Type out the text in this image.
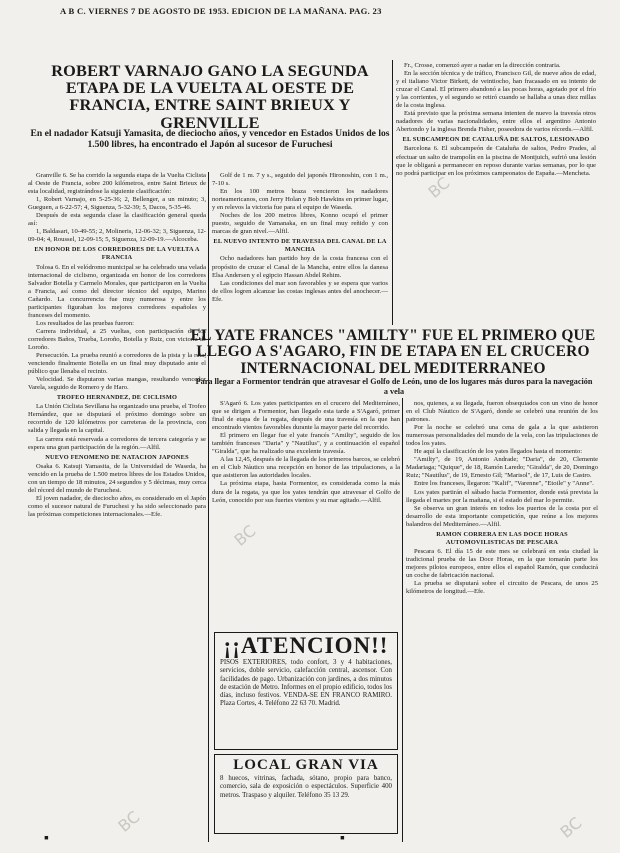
A B C. VIERNES 7 DE AGOSTO DE 1953. EDICION DE LA MAÑANA. PAG. 23
ROBERT VARNAJO GANO LA SEGUNDA ETAPA DE LA VUELTA AL OESTE DE FRANCIA, ENTRE SAINT BRIEUX Y GRENVILLE
En el nadador Katsuji Yamasita, de dieciocho años, y vencedor en Estados Unidos de los 1.500 libres, ha encontrado el Japón al sucesor de Furuchesi

Granville 6. Se ha corrido la segunda etapa de la Vuelta Ciclista al Oeste de Francia, sobre 200 kilómetros, entre Saint Brieux de esta localidad, registrándose la siguiente clasificación:

1, Robert Varnajo, en 5-25-36; 2, Bellenger, a un minuto; 3, Gueguen, a 6-22-57; 4, Siguenza, 5-32-39; 5, Dacos, 5-35-46.

Después de esta segunda clase la clasificación general queda así:

1, Baldasari, 10-49-55; 2, Molineris, 12-06-32; 3, Siguenza, 12-09-04; 4, Roussel, 12-09-15; 5, Siguenza, 12-09-19.—Alcoceba.

EN HONOR DE LOS CORREDORES DE LA VUELTA A FRANCIA

Tolosa 6. En el velódromo municipal se ha celebrado una velada internacional de ciclismo, organizada en honor de los corredores Salvador Botella y Carmelo Morales, que participaron en la Vuelta a Francia, así como del director técnico del equipo, Marino Cañardo. La concurrencia fue muy numerosa y entre los participantes figuraban los mejores corredores españoles y franceses del momento.

Los resultados de las pruebas fueron:

Carrera individual, a 25 vueltas, con participación de los corredores Baños, Trueba, Loroño, Botella y Ruiz, con victoria de Loroño.

Persecución. La prueba reunió a corredores de la pista y la ruta, venciendo finalmente Botella en un final muy disputado ante el público que llenaba el recinto.

Velocidad. Se disputaron varias mangas, resultando vencedor Varela, seguido de Romero y de Haro.

TROFEO HERNANDEZ, DE CICLISMO

La Unión Ciclista Sevillana ha organizado una prueba, el Trofeo Hernández, que se disputará el próximo domingo sobre un recorrido de 120 kilómetros por carreteras de la provincia, con salida y llegada en la capital.

La carrera está reservada a corredores de tercera categoría y se espera una gran participación de la región.—Alfil.

NUEVO FENOMENO DE NATACION JAPONES

Osaka 6. Katsuji Yamasita, de la Universidad de Waseda, ha vencido en la prueba de 1.500 metros libres de los Estados Unidos, con un tiempo de 18 minutos, 24 segundos y 5 décimas, muy cerca del récord del mundo de Furuchesi.

El joven nadador, de dieciocho años, es considerado en el Japón como el sucesor natural de Furuchesi y ha sido seleccionado para las próximas competiciones internacionales.—Efe.

Golf de 1 m. 7 y s., seguido del japonés Hironoshin, con 1 m., 7-10 s.

En los 100 metros braza vencieron los nadadores norteamericanos, con Jerry Holan y Bob Hawkins en primer lugar, y en relevos la victoria fue para el equipo de Waseda.

Noches de los 200 metros libres, Konno ocupó el primer puesto, seguido de Yamanaka, en un final muy reñido y con marcas de gran nivel.—Alfil.

EL NUEVO INTENTO DE TRAVESIA DEL CANAL DE LA MANCHA

Ocho nadadores han partido hoy de la costa francesa con el propósito de cruzar el Canal de la Mancha, entre ellos la danesa Elsa Andersen y el egipcio Hassan Abdel Rehim.

Las condiciones del mar son favorables y se espera que varios de ellos logren alcanzar las costas inglesas antes del anochecer.—Efe.

Fr., Crosse, comenzó ayer a nadar en la dirección contraria.

En la sección técnica y de tráfico, Francisco Gil, de nueve años de edad, y el italiano Victor Birkett, de veintiocho, han fracasado en su intento de cruzar el Canal. El primero abandonó a las pocas horas, agotado por el frío y las corrientes, y el segundo se retiró cuando se hallaba a unas diez millas de la costa inglesa.

Está previsto que la próxima semana intenten de nuevo la travesía otros nadadores de varias nacionalidades, entre ellos el argentino Antonio Abertondo y la inglesa Brenda Fisher, poseedora de varios récords.—Alfil.

EL SUBCAMPEON DE CATALUÑA DE SALTOS, LESIONADO

Barcelona 6. El subcampeón de Cataluña de saltos, Pedro Prades, al efectuar un salto de trampolín en la piscina de Montjuich, sufrió una lesión que le obligará a permanecer en reposo durante varias semanas, por lo que no podrá participar en los próximos campeonatos de España.—Mencheta.

EL YATE FRANCES "AMILTY" FUE EL PRIMERO QUE LLEGO A S'AGARO, FIN DE ETAPA EN EL CRUCERO INTERNACIONAL DEL MEDITERRANEO
Para llegar a Formentor tendrán que atravesar el Golfo de León, uno de los lugares más duros para la navegación a vela

S'Agaró 6. Los yates participantes en el crucero del Mediterráneo, que se dirigen a Formentor, han llegado esta tarde a S'Agaró, primer final de etapa de la regata, después de una travesía en la que han encontrado vientos favorables durante la mayor parte del recorrido.

El primero en llegar fue el yate francés "Amilty", seguido de los también franceses "Daria" y "Nautilus", y a continuación el español "Giralda", que ha realizado una excelente travesía.

A las 12,45, después de la llegada de los primeros barcos, se celebró en el Club Náutico una recepción en honor de las tripulaciones, a la que asistieron las autoridades locales.

La próxima etapa, hasta Formentor, es considerada como la más dura de la regata, ya que los yates tendrán que atravesar el Golfo de León, conocido por sus fuertes vientos y su mar agitado.—Alfil.

nos, quienes, a su llegada, fueron obsequiados con un vino de honor en el Club Náutico de S'Agaró, donde se celebró una reunión de los patrones.

Por la noche se celebró una cena de gala a la que asistieron numerosas personalidades del mundo de la vela, con las tripulaciones de todos los yates.

He aquí la clasificación de los yates llegados hasta el momento:

"Amilty", de 19, Antonio Andrade; "Daria", de 20, Clemente Madariaga; "Quique", de 18, Ramón Laredo; "Giralda", de 20, Domingo Ruiz; "Nautilus", de 19, Ernesto Gil; "Marisol", de 17, Luis de Castro.

Entre los franceses, llegaron: "Kalif", "Varenne", "Etoile" y "Anne".

Los yates partirán el sábado hacia Formentor, donde está prevista la llegada el martes por la mañana, si el estado del mar lo permite.

Se observa un gran interés en todos los puertos de la costa por el desarrollo de esta importante competición, que reúne a los mejores balandros del Mediterráneo.—Alfil.

RAMON CORRERA EN LAS DOCE HORAS AUTOMOVILISTICAS DE PESCARA

Pescara 6. El día 15 de este mes se celebrará en esta ciudad la tradicional prueba de las Doce Horas, en la que tomarán parte los mejores pilotos europeos, entre ellos el español Ramón, que conducirá un coche de fabricación nacional.

La prueba se disputará sobre el circuito de Pescara, de unos 25 kilómetros de longitud.—Efe.

¡¡ATENCION!!
PISOS EXTERIORES, todo confort, 3 y 4 habitaciones, servicios, doble servicio, calefacción central, ascensor. Con facilidades de pago. Urbanización con jardines, a dos minutos de estación de Metro. Informes en el propio edificio, todos los días, incluso festivos. VENDA-SE EN FRANCO RAMIRO. Plaza Cortes, 4. Teléfono 22 63 70. Madrid.
LOCAL GRAN VIA
8 huecos, vitrinas, fachada, sótano, propio para banco, comercio, sala de exposición o espectáculos. Superficie 400 metros. Traspaso y alquiler. Teléfono 35 13 29.
BC
BC
BC
BC
▪	▪
